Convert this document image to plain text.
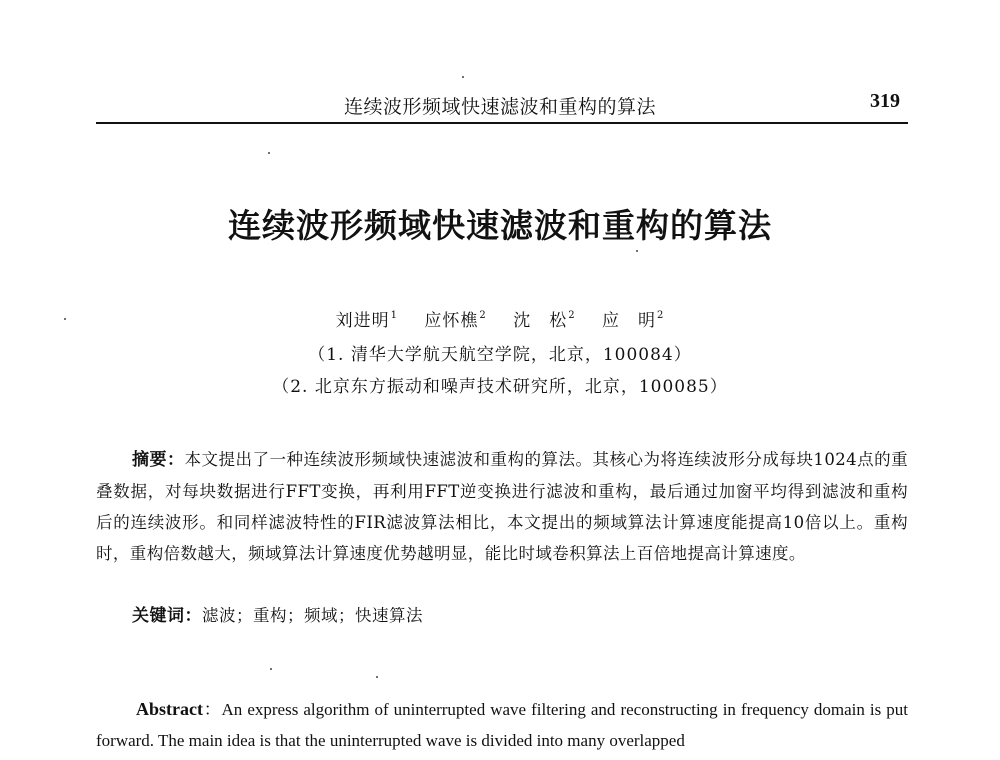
连续波形频域快速滤波和重构的算法	319
连续波形频域快速滤波和重构的算法
刘进明$^1$ 应怀樵$^2$ 沈　松$^2$ 应　明$^2$
（1. 清华大学航天航空学院，北京，100084）
（2. 北京东方振动和噪声技术研究所，北京，100085）

摘要：本文提出了一种连续波形频域快速滤波和重构的算法。其核心为将连续波形分成每块1024点的重叠数据，对每块数据进行FFT变换，再利用FFT逆变换进行滤波和重构，最后通过加窗平均得到滤波和重构后的连续波形。和同样滤波特性的FIR滤波算法相比，本文提出的频域算法计算速度能提高10倍以上。重构时，重构倍数越大，频域算法计算速度优势越明显，能比时域卷积算法上百倍地提高计算速度。

关键词：滤波；重构；频域；快速算法

Abstract：An express algorithm of uninterrupted wave filtering and reconstructing in frequency domain is put forward. The main idea is that the uninterrupted wave is divided into many overlapped
